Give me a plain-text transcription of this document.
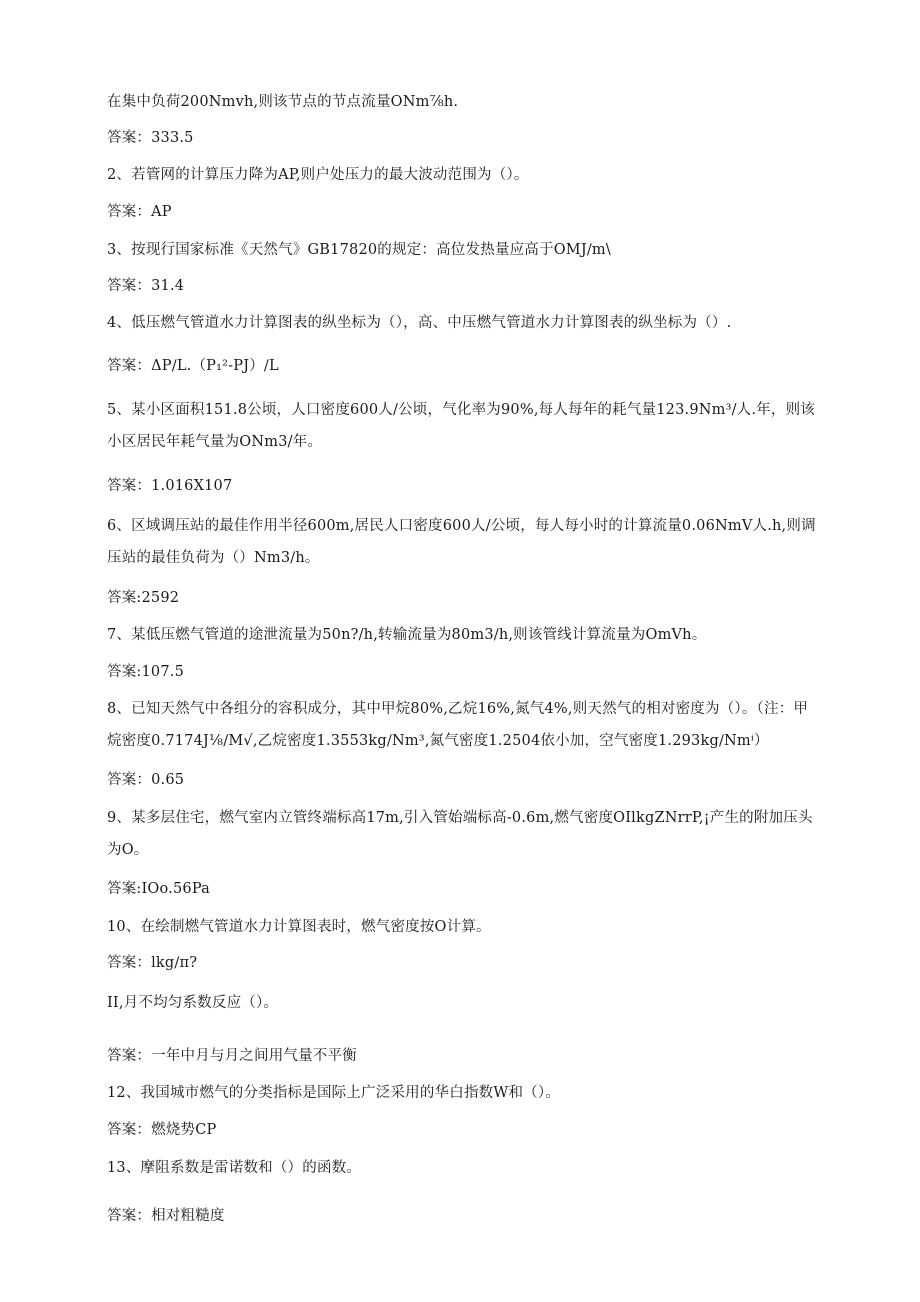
在集中负荷200Nmvh,则该节点的节点流量ONm⅞h.
答案：333.5
2、若管网的计算压力降为AP,则户处压力的最大波动范围为（）。
答案：AP
3、按现行国家标准《天然气》GB17820的规定：高位发热量应高于OMJ∕m\
答案：31.4
4、低压燃气管道水力计算图表的纵坐标为（），高、中压燃气管道水力计算图表的纵坐标为（）.
答案：ΔP∕L.（P₁²-PJ）∕L
5、某小区面积151.8公顷，人口密度600人/公顷，气化率为90%,每人每年的耗气量123.9Nm³/人.年，则该小区居民年耗气量为ONm3/年。
答案：1.016X107
6、区域调压站的最佳作用半径600m,居民人口密度600人/公顷，每人每小时的计算流量0.06NmV人.h,则调压站的最佳负荷为（）Nm3∕h。
答案:2592
7、某低压燃气管道的途泄流量为50n?/h,转输流量为80m3∕h,则该管线计算流量为OmVh。
答案:107.5
8、已知天然气中各组分的容积成分，其中甲烷80%,乙烷16%,氮气4%,则天然气的相对密度为（）。（注：甲烷密度0.7174J⅛∕M√,乙烷密度1.3553kg∕Nm³,氮气密度1.2504依小加，空气密度1.293kg∕Nmⁱ）
答案：0.65
9、某多层住宅，燃气室内立管终端标高17m,引入管始端标高-0.6m,燃气密度OIlkgZNrrP,¡产生的附加压头为O。
答案:IOo.56Pa
10、在绘制燃气管道水力计算图表时，燃气密度按O计算。
答案：lkg∕π?
II,月不均匀系数反应（）。
答案：一年中月与月之间用气量不平衡
12、我国城市燃气的分类指标是国际上广泛采用的华白指数W和（）。
答案：燃烧势CP
13、摩阻系数是雷诺数和（）的函数。
答案：相对粗糙度
